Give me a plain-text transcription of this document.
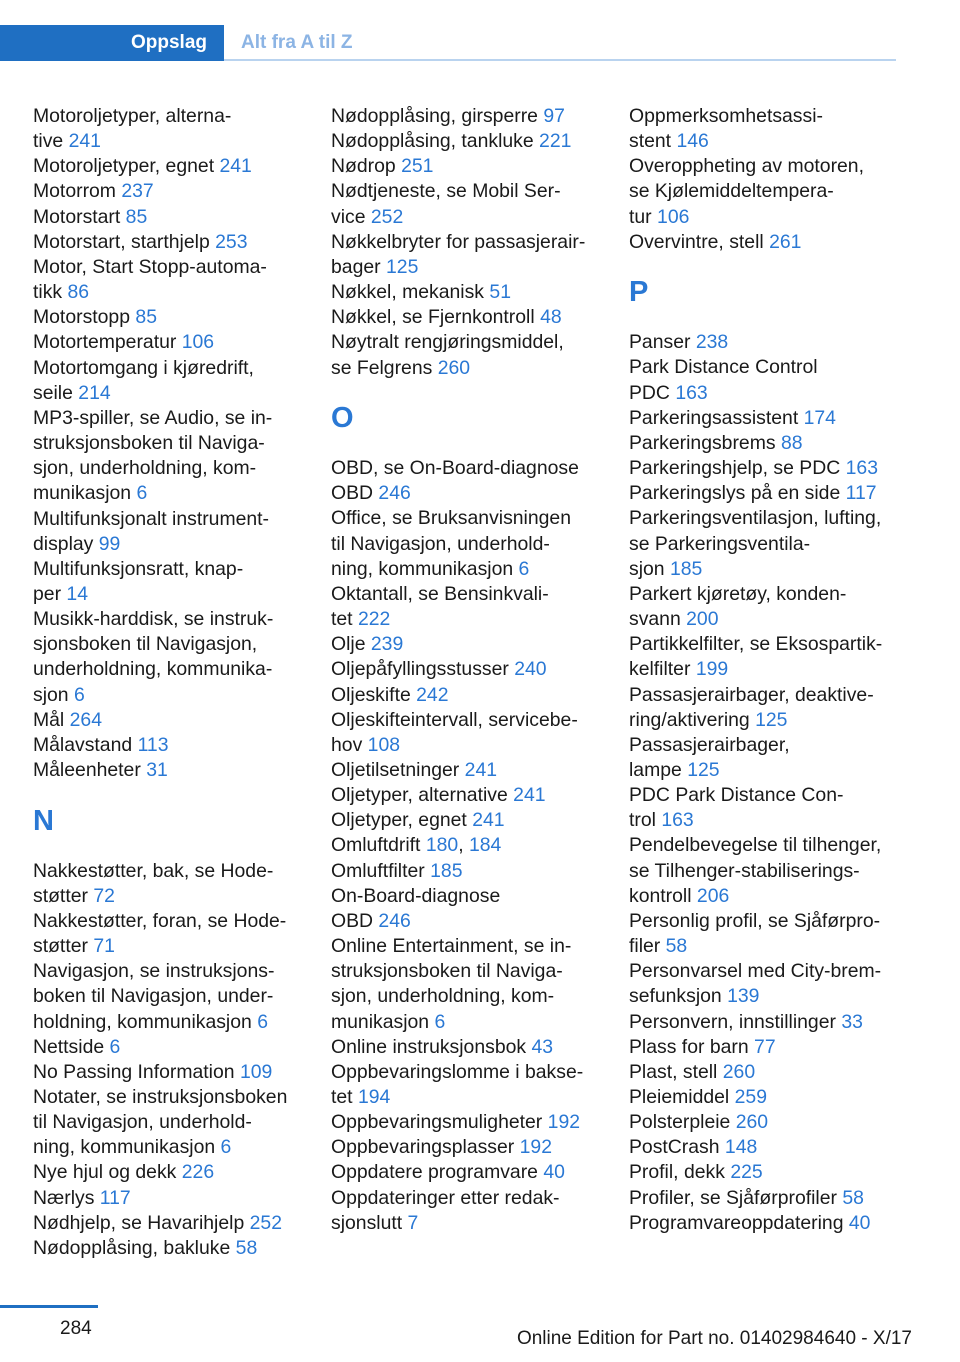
Oppslag	Alt fra A til Z
Motoroljetyper, alterna-
tive 241
Motoroljetyper, egnet 241
Motorrom 237
Motorstart 85
Motorstart, starthjelp 253
Motor, Start Stopp-automa-
tikk 86
Motorstopp 85
Motortemperatur 106
Motortomgang i kjøredrift,
seile 214
MP3-spiller, se Audio, se in-
struksjonsboken til Naviga-
sjon, underholdning, kom-
munikasjon 6
Multifunksjonalt instrument-
display 99
Multifunksjonsratt, knap-
per 14
Musikk-harddisk, se instruk-
sjonsboken til Navigasjon,
underholdning, kommunika-
sjon 6
Mål 264
Målavstand 113
Måleenheter 31
N
Nakkestøtter, bak, se Hode-
støtter 72
Nakkestøtter, foran, se Hode-
støtter 71
Navigasjon, se instruksjons-
boken til Navigasjon, under-
holdning, kommunikasjon 6
Nettside 6
No Passing Information 109
Notater, se instruksjonsboken
til Navigasjon, underhold-
ning, kommunikasjon 6
Nye hjul og dekk 226
Nærlys 117
Nødhjelp, se Havarihjelp 252
Nødopplåsing, bakluke 58
Nødopplåsing, girsperre 97
Nødopplåsing, tankluke 221
Nødrop 251
Nødtjeneste, se Mobil Ser-
vice 252
Nøkkelbryter for passasjerair-
bager 125
Nøkkel, mekanisk 51
Nøkkel, se Fjernkontroll 48
Nøytralt rengjøringsmiddel,
se Felgrens 260
O
OBD, se On-Board-diagnose
OBD 246
Office, se Bruksanvisningen
til Navigasjon, underhold-
ning, kommunikasjon 6
Oktantall, se Bensinkvali-
tet 222
Olje 239
Oljepåfyllingsstusser 240
Oljeskifte 242
Oljeskifteintervall, servicebe-
hov 108
Oljetilsetninger 241
Oljetyper, alternative 241
Oljetyper, egnet 241
Omluftdrift 180, 184
Omluftfilter 185
On-Board-diagnose
OBD 246
Online Entertainment, se in-
struksjonsboken til Naviga-
sjon, underholdning, kom-
munikasjon 6
Online instruksjonsbok 43
Oppbevaringslomme i bakse-
tet 194
Oppbevaringsmuligheter 192
Oppbevaringsplasser 192
Oppdatere programvare 40
Oppdateringer etter redak-
sjonslutt 7
Oppmerksomhetsassi-
stent 146
Overoppheting av motoren,
se Kjølemiddeltempera-
tur 106
Overvintre, stell 261
P
Panser 238
Park Distance Control
PDC 163
Parkeringsassistent 174
Parkeringsbrems 88
Parkeringshjelp, se PDC 163
Parkeringslys på en side 117
Parkeringsventilasjon, lufting,
se Parkeringsventila-
sjon 185
Parkert kjøretøy, konden-
svann 200
Partikkelfilter, se Eksospartik-
kelfilter 199
Passasjerairbager, deaktive-
ring/aktivering 125
Passasjerairbager,
lampe 125
PDC Park Distance Con-
trol 163
Pendelbevegelse til tilhenger,
se Tilhenger-stabiliserings-
kontroll 206
Personlig profil, se Sjåførpro-
filer 58
Personvarsel med City-brem-
sefunksjon 139
Personvern, innstillinger 33
Plass for barn 77
Plast, stell 260
Pleiemiddel 259
Polsterpleie 260
PostCrash 148
Profil, dekk 225
Profiler, se Sjåførprofiler 58
Programvareoppdatering 40
284	Online Edition for Part no. 01402984640 - X/17
